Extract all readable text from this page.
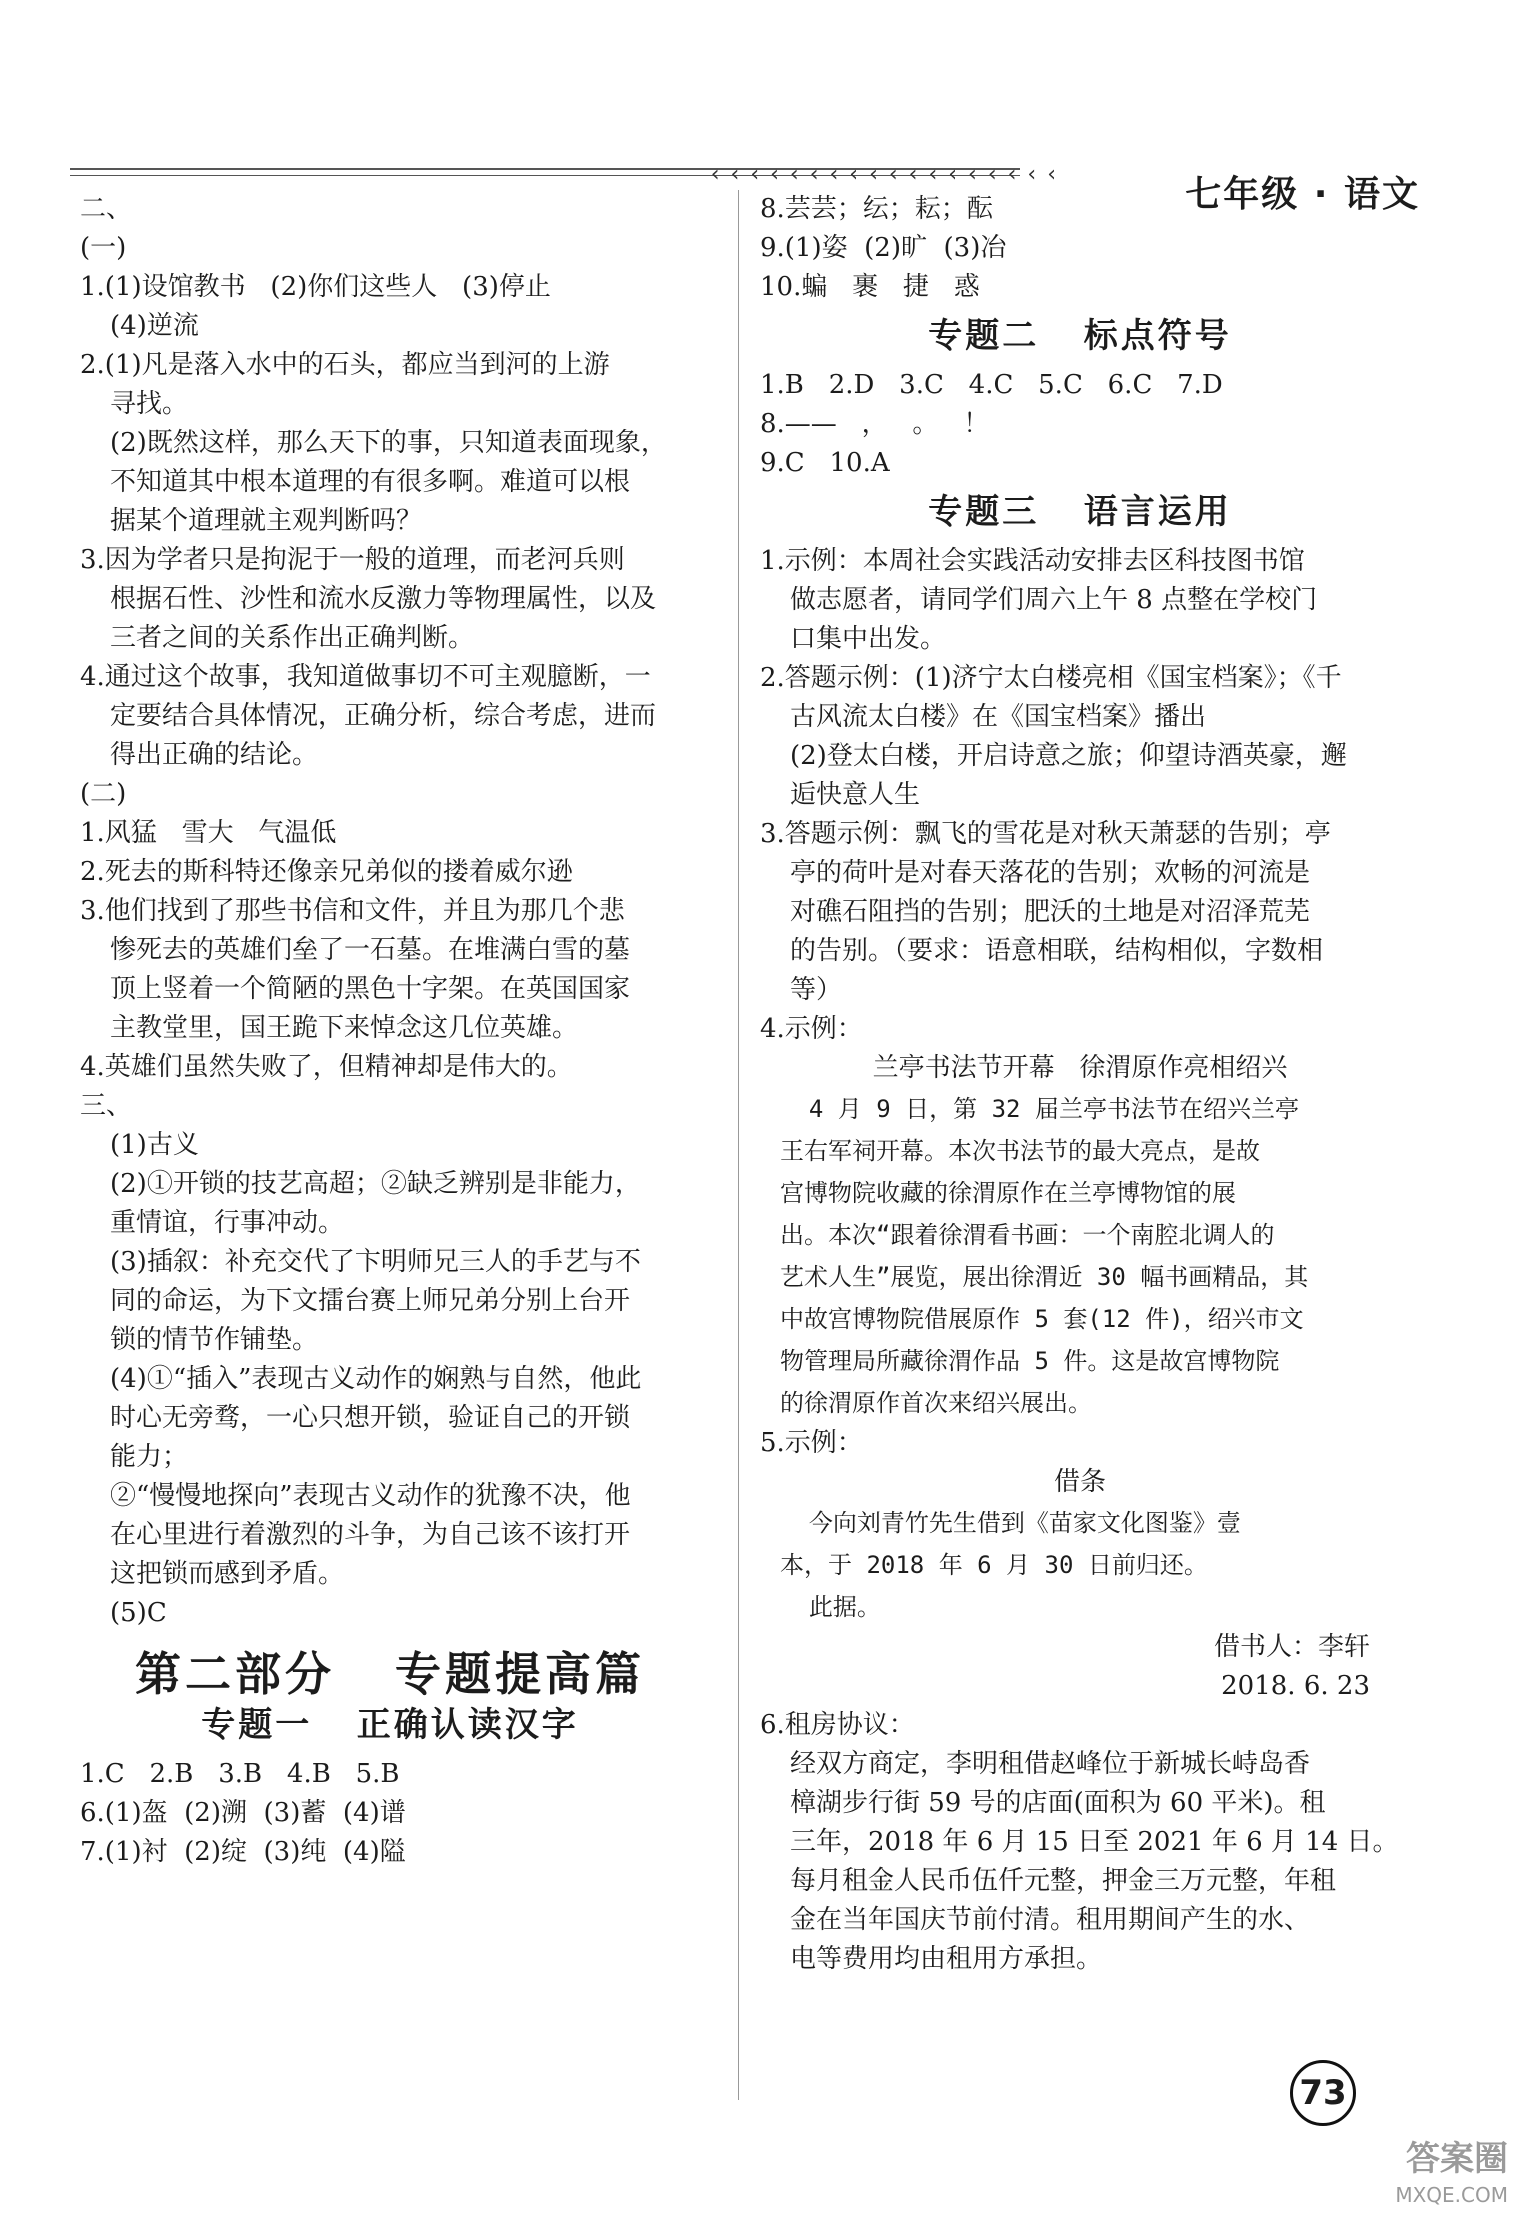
‹ ‹ ‹ ‹ ‹ ‹ ‹ ‹ ‹ ‹ ‹ ‹ ‹ ‹ ‹ ‹ ‹ ‹	七年级 · 语文
二、
(一)
1.(1)设馆教书   (2)你们这些人   (3)停止
(4)逆流
2.(1)凡是落入水中的石头，都应当到河的上游
寻找。
(2)既然这样，那么天下的事，只知道表面现象，
不知道其中根本道理的有很多啊。难道可以根
据某个道理就主观判断吗？
3.因为学者只是拘泥于一般的道理，而老河兵则
根据石性、沙性和流水反激力等物理属性，以及
三者之间的关系作出正确判断。
4.通过这个故事，我知道做事切不可主观臆断，一
定要结合具体情况，正确分析，综合考虑，进而
得出正确的结论。
(二)
1.风猛   雪大   气温低
2.死去的斯科特还像亲兄弟似的搂着威尔逊
3.他们找到了那些书信和文件，并且为那几个悲
惨死去的英雄们垒了一石墓。在堆满白雪的墓
顶上竖着一个简陋的黑色十字架。在英国国家
主教堂里，国王跪下来悼念这几位英雄。
4.英雄们虽然失败了，但精神却是伟大的。
三、
(1)古义
(2)①开锁的技艺高超；②缺乏辨别是非能力，
重情谊，行事冲动。
(3)插叙：补充交代了卞明师兄三人的手艺与不
同的命运，为下文擂台赛上师兄弟分别上台开
锁的情节作铺垫。
(4)①“插入”表现古义动作的娴熟与自然，他此
时心无旁骛，一心只想开锁，验证自己的开锁
能力；
②“慢慢地探向”表现古义动作的犹豫不决，他
在心里进行着激烈的斗争，为自己该不该打开
这把锁而感到矛盾。
(5)C
第二部分   专题提高篇
专题一   正确认读汉字
1.C   2.B   3.B   4.B   5.B
6.(1)盔  (2)溯  (3)蓄  (4)谱
7.(1)衬  (2)绽  (3)纯  (4)隘
8.芸芸；纭；耘；酝
9.(1)姿  (2)旷  (3)冶
10.蝙   裹   捷   惑
专题二   标点符号
1.B   2.D   3.C   4.C   5.C   6.C   7.D
8.——   ，   。   ！
9.C   10.A
专题三   语言运用
1.示例：本周社会实践活动安排去区科技图书馆
做志愿者，请同学们周六上午 8 点整在学校门
口集中出发。
2.答题示例：(1)济宁太白楼亮相《国宝档案》；《千
古风流太白楼》在《国宝档案》播出
(2)登太白楼，开启诗意之旅；仰望诗酒英豪，邂
逅快意人生
3.答题示例：飘飞的雪花是对秋天萧瑟的告别；亭
亭的荷叶是对春天落花的告别；欢畅的河流是
对礁石阻挡的告别；肥沃的土地是对沼泽荒芜
的告别。（要求：语意相联，结构相似，字数相
等）
4.示例：
兰亭书法节开幕   徐渭原作亮相绍兴
4 月 9 日，第 32 届兰亭书法节在绍兴兰亭
王右军祠开幕。本次书法节的最大亮点，是故
宫博物院收藏的徐渭原作在兰亭博物馆的展
出。本次“跟着徐渭看书画：一个南腔北调人的
艺术人生”展览，展出徐渭近 30 幅书画精品，其
中故宫博物院借展原作 5 套(12 件)，绍兴市文
物管理局所藏徐渭作品 5 件。这是故宫博物院
的徐渭原作首次来绍兴展出。
5.示例：
借条
今向刘青竹先生借到《苗家文化图鉴》壹
本，于 2018 年 6 月 30 日前归还。
此据。
借书人：李轩
2018. 6. 23
6.租房协议：
经双方商定，李明租借赵峰位于新城长峙岛香
樟湖步行街 59 号的店面(面积为 60 平米)。租
三年，2018 年 6 月 15 日至 2021 年 6 月 14 日。
每月租金人民币伍仟元整，押金三万元整，年租
金在当年国庆节前付清。租用期间产生的水、
电等费用均由租用方承担。
73
答案圈
MXQE.COM
